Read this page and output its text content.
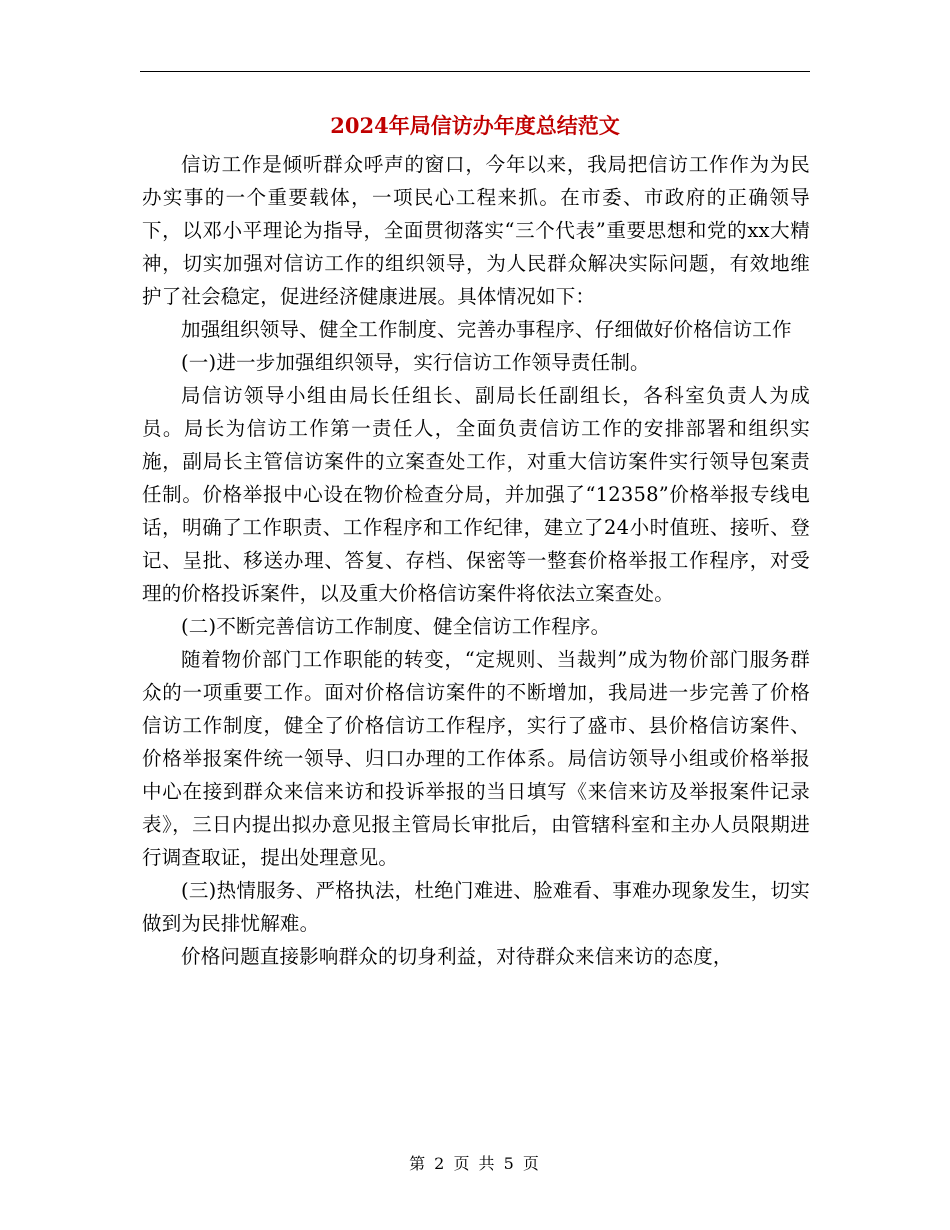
2024年局信访办年度总结范文

信访工作是倾听群众呼声的窗口，今年以来，我局把信访工作作为为民办实事的一个重要载体，一项民心工程来抓。在市委、市政府的正确领导下，以邓小平理论为指导，全面贯彻落实“三个代表”重要思想和党的xx大精神，切实加强对信访工作的组织领导，为人民群众解决实际问题，有效地维护了社会稳定，促进经济健康进展。具体情况如下：

加强组织领导、健全工作制度、完善办事程序、仔细做好价格信访工作

(一)进一步加强组织领导，实行信访工作领导责任制。

局信访领导小组由局长任组长、副局长任副组长，各科室负责人为成员。局长为信访工作第一责任人，全面负责信访工作的安排部署和组织实施，副局长主管信访案件的立案查处工作，对重大信访案件实行领导包案责任制。价格举报中心设在物价检查分局，并加强了“12358”价格举报专线电话，明确了工作职责、工作程序和工作纪律，建立了24小时值班、接听、登记、呈批、移送办理、答复、存档、保密等一整套价格举报工作程序，对受理的价格投诉案件，以及重大价格信访案件将依法立案查处。

(二)不断完善信访工作制度、健全信访工作程序。

随着物价部门工作职能的转变，“定规则、当裁判”成为物价部门服务群众的一项重要工作。面对价格信访案件的不断增加，我局进一步完善了价格信访工作制度，健全了价格信访工作程序，实行了盛市、县价格信访案件、价格举报案件统一领导、归口办理的工作体系。局信访领导小组或价格举报中心在接到群众来信来访和投诉举报的当日填写《来信来访及举报案件记录表》，三日内提出拟办意见报主管局长审批后，由管辖科室和主办人员限期进行调查取证，提出处理意见。

(三)热情服务、严格执法，杜绝门难进、脸难看、事难办现象发生，切实做到为民排忧解难。

价格问题直接影响群众的切身利益，对待群众来信来访的态度，

第 2 页 共 5 页
